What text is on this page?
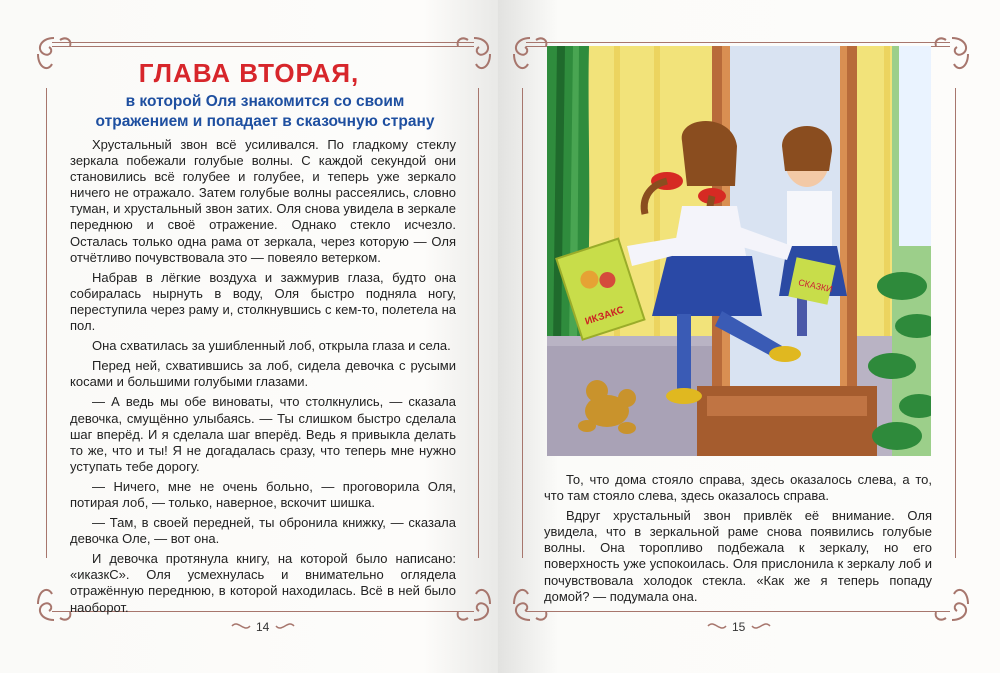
ГЛАВА ВТОРАЯ,
в которой Оля знакомится со своим
отражением и попадает в сказочную страну

Хрустальный звон всё усиливался. По гладкому стеклу зеркала побежали голубые волны. С каждой секундой они становились всё голубее и голубее, и теперь уже зеркало ничего не отражало. Затем голубые волны рассеялись, словно туман, и хрустальный звон затих. Оля снова увидела в зеркале переднюю и своё отражение. Однако стекло исчезло. Осталась только одна рама от зеркала, через которую — Оля отчётливо почувствовала это — повеяло ветерком.

Набрав в лёгкие воздуха и зажмурив глаза, будто она собиралась нырнуть в воду, Оля быстро подняла ногу, переступила через раму и, столкнувшись с кем-то, полетела на пол.

Она схватилась за ушибленный лоб, открыла глаза и села.

Перед ней, схватившись за лоб, сидела девочка с русыми косами и большими голубыми глазами.

— А ведь мы обе виноваты, что столкнулись, — сказала девочка, смущённо улыбаясь. — Ты слишком быстро сделала шаг вперёд. И я сделала шаг вперёд. Ведь я привыкла делать то же, что и ты! Я не догадалась сразу, что теперь мне нужно уступать тебе дорогу.

— Ничего, мне не очень больно, — проговорила Оля, потирая лоб, — только, наверное, вскочит шишка.

— Там, в своей передней, ты обронила книжку, — сказала девочка Оле, — вот она.

И девочка протянула книгу, на которой было написано: «иказкС». Оля усмехнулась и внимательно оглядела отражённую переднюю, в которой находилась. Всё в ней было наоборот.

14
СКАЗКИ
ИКЗАКС

То, что дома стояло справа, здесь оказалось слева, а то, что там стояло слева, здесь оказалось справа.

Вдруг хрустальный звон привлёк её внимание. Оля увидела, что в зеркальной раме снова появились голубые волны. Она торопливо подбежала к зеркалу, но его поверхность уже успокоилась. Оля прислонила к зеркалу лоб и почувствовала холодок стекла. «Как же я теперь попаду домой? — подумала она.

15
